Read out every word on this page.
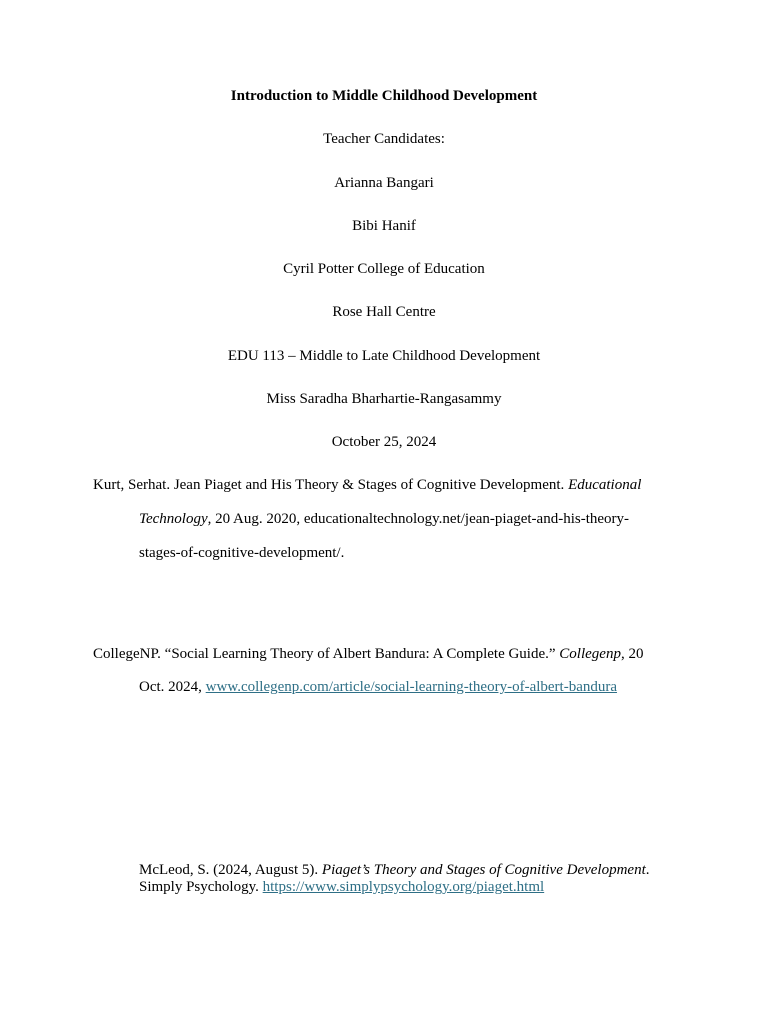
Introduction to Middle Childhood Development
Teacher Candidates:
Arianna Bangari
Bibi Hanif
Cyril Potter College of Education
Rose Hall Centre
EDU 113 – Middle to Late Childhood Development
Miss Saradha Bharhartie-Rangasammy
October 25, 2024
Kurt, Serhat. Jean Piaget and His Theory & Stages of Cognitive Development. Educational
Technology, 20 Aug. 2020, educationaltechnology.net/jean-piaget-and-his-theory-
stages-of-cognitive-development/.
CollegeNP. “Social Learning Theory of Albert Bandura: A Complete Guide.” Collegenp, 20
Oct. 2024, www.collegenp.com/article/social-learning-theory-of-albert-bandura
McLeod, S. (2024, August 5). Piaget’s Theory and Stages of Cognitive Development.
Simply Psychology. https://www.simplypsychology.org/piaget.html
